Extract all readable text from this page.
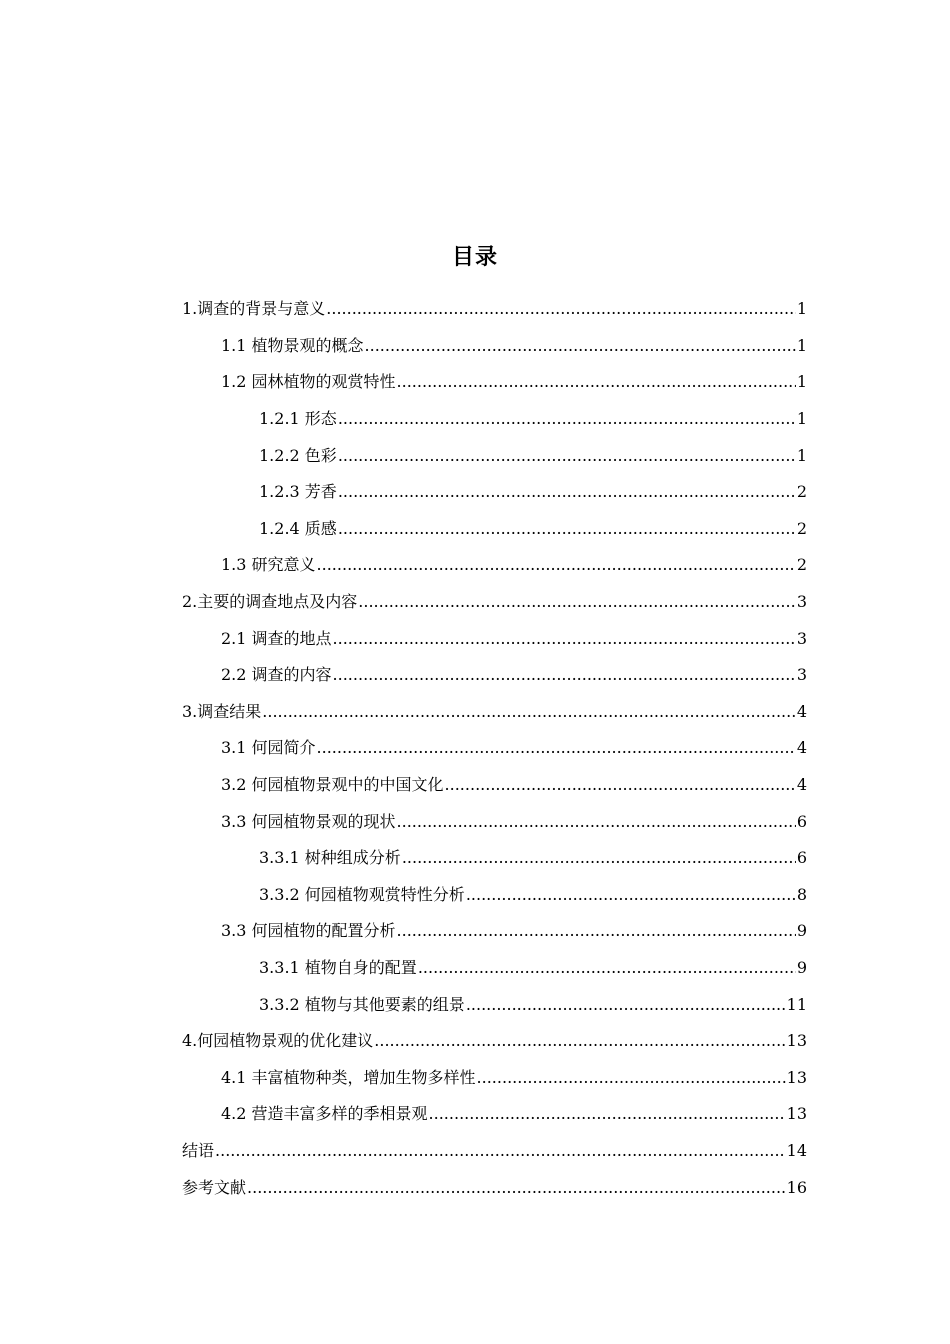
目录
1.调查的背景与意义 .....	1
1.1 植物景观的概念 .....	1
1.2 园林植物的观赏特性 .....	1
1.2.1 形态 .....	1
1.2.2 色彩 .....	1
1.2.3 芳香 .....	2
1.2.4 质感 .....	2
1.3 研究意义 .....	2
2.主要的调查地点及内容 .....	3
2.1 调查的地点 .....	3
2.2 调查的内容 .....	3
3.调查结果 .....	4
3.1 何园简介 .....	4
3.2 何园植物景观中的中国文化 .....	4
3.3 何园植物景观的现状 .....	6
3.3.1 树种组成分析 .....	6
3.3.2 何园植物观赏特性分析 .....	8
3.3 何园植物的配置分析 .....	9
3.3.1 植物自身的配置 .....	9
3.3.2 植物与其他要素的组景 .....	11
4.何园植物景观的优化建议 .....	13
4.1 丰富植物种类，增加生物多样性 .....	13
4.2 营造丰富多样的季相景观 .....	13
结语 .....	14
参考文献 .....	16
